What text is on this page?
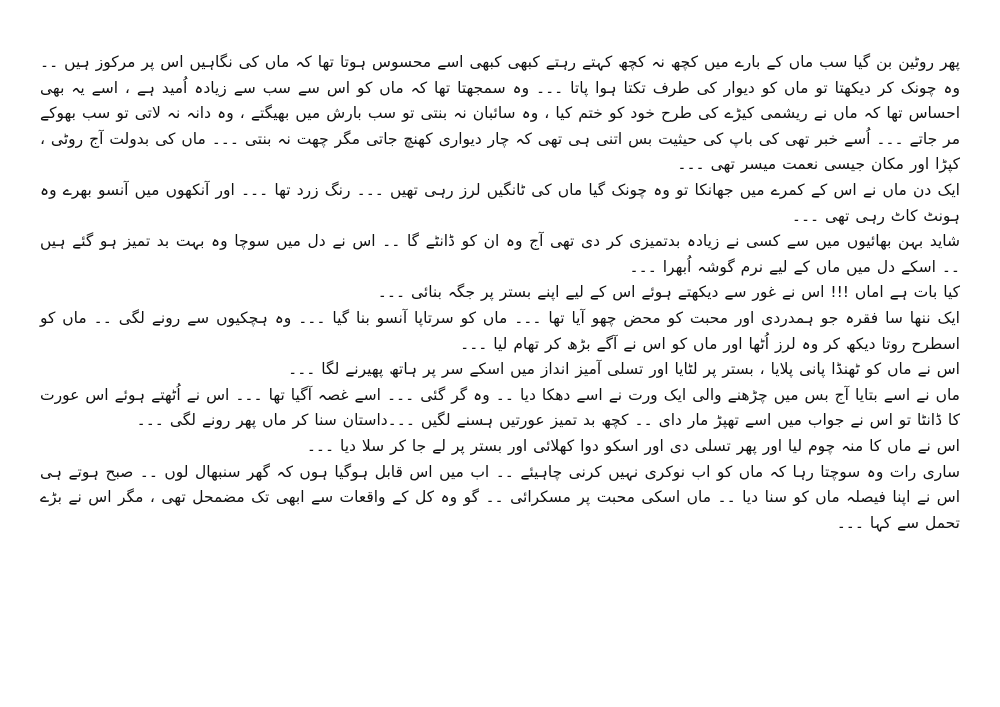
پھر روٹین بن گیا سب ماں کے بارے میں کچھ نہ کچھ کہتے رہتے کبھی کبھی اسے محسوس ہوتا تھا کہ ماں کی نگاہیں اس پر مرکوز ہیں ۔۔وہ چونک کر دیکھتا تو ماں کو دیوار کی طرف تکتا ہوا پاتا ۔۔۔ وہ سمجھتا تھا کہ ماں کو اس سے سب سے زیادہ اُمید ہے ، اسے یہ بھی احساس تھا کہ ماں نے ریشمی کیڑے کی طرح خود کو ختم کیا ، وہ سائبان نہ بنتی تو سب بارش میں بھیگتے ، وہ دانہ نہ لاتی تو سب بھوکے مر جاتے ۔۔۔ اُسے خبر تھی کی باپ کی حیثیت بس اتنی ہی تھی کہ چار دیواری کھنچ جاتی مگر چھت نہ بنتی ۔۔۔ ماں کی بدولت آج روٹی ، کپڑا اور مکان جیسی نعمت میسر تھی ۔۔۔

ایک دن ماں نے اس کے کمرے میں جھانکا تو وہ چونک گیا ماں کی ٹانگیں لرز رہی تھیں ۔۔۔ رنگ زرد تھا ۔۔۔ اور آنکھوں میں آنسو بھرے وہ ہونٹ کاٹ رہی تھی ۔۔۔

شاید بہن بھائیوں میں سے کسی نے زیادہ بدتمیزی کر دی تھی آج وہ ان کو ڈانٹے گا ۔۔ اس نے دل میں سوچا وہ بہت بد تمیز ہو گئے ہیں ۔۔ اسکے دل میں ماں کے لیے نرم گوشہ اُبھرا ۔۔۔

کیا بات ہے اماں !!! اس نے غور سے دیکھتے ہوئے اس کے لیے اپنے بستر پر جگہ بنائی ۔۔۔

ایک ننھا سا فقرہ جو ہمدردی اور محبت کو محض چھو آیا تھا ۔۔۔ ماں کو سرتاپا آنسو بنا گیا ۔۔۔ وہ ہچکیوں سے رونے لگی ۔۔ ماں کو اسطرح روتا دیکھ کر وہ لرز اُٹھا اور ماں کو اس نے آگے بڑھ کر تھام لیا ۔۔۔

اس نے ماں کو ٹھنڈا پانی پلایا ، بستر پر لٹایا اور تسلی آمیز انداز میں اسکے سر پر ہاتھ پھیرنے لگا ۔۔۔

ماں نے اسے بتایا آج بس میں چڑھنے والی ایک ورت نے اسے دھکا دیا ۔۔ وہ گر گئی ۔۔۔ اسے غصہ آگیا تھا ۔۔۔ اس نے اُٹھتے ہوئے اس عورت کا ڈانٹا تو اس نے جواب میں اسے تھپڑ مار دای ۔۔ کچھ بد تمیز عورتیں ہسنے لگیں ۔۔۔داستان سنا کر ماں پھر رونے لگی ۔۔۔

اس نے ماں کا منہ چوم لیا اور پھر تسلی دی اور اسکو دوا کھلائی اور بستر پر لے جا کر سلا دیا ۔۔۔

ساری رات وہ سوچتا رہا کہ ماں کو اب نوکری نہیں کرنی چاہیئے ۔۔ اب میں اس قابل ہوگیا ہوں کہ گھر سنبھال لوں ۔۔ صبح ہوتے ہی اس نے اپنا فیصلہ ماں کو سنا دیا ۔۔ ماں اسکی محبت پر مسکرائی ۔۔ گو وہ کل کے واقعات سے ابھی تک مضمحل تھی ، مگر اس نے بڑے تحمل سے کہا ۔۔۔
